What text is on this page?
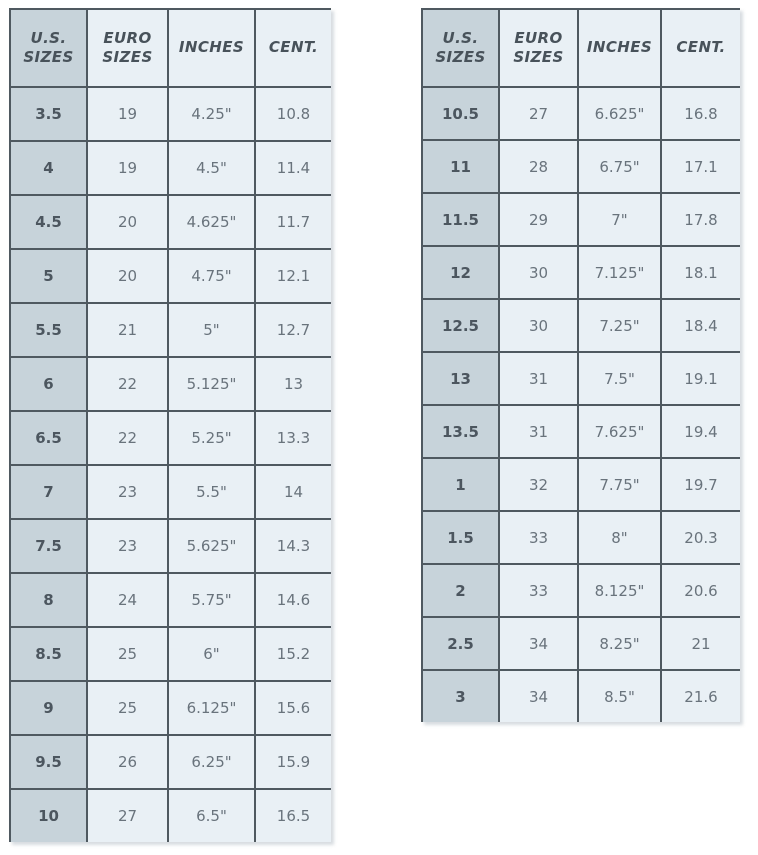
U.S. SIZES	EURO SIZES	INCHES	CENT.
3.5	19	4.25"	10.8
4	19	4.5"	11.4
4.5	20	4.625"	11.7
5	20	4.75"	12.1
5.5	21	5"	12.7
6	22	5.125"	13
6.5	22	5.25"	13.3
7	23	5.5"	14
7.5	23	5.625"	14.3
8	24	5.75"	14.6
8.5	25	6"	15.2
9	25	6.125"	15.6
9.5	26	6.25"	15.9
10	27	6.5"	16.5
U.S. SIZES	EURO SIZES	INCHES	CENT.
10.5	27	6.625"	16.8
11	28	6.75"	17.1
11.5	29	7"	17.8
12	30	7.125"	18.1
12.5	30	7.25"	18.4
13	31	7.5"	19.1
13.5	31	7.625"	19.4
1	32	7.75"	19.7
1.5	33	8"	20.3
2	33	8.125"	20.6
2.5	34	8.25"	21
3	34	8.5"	21.6
